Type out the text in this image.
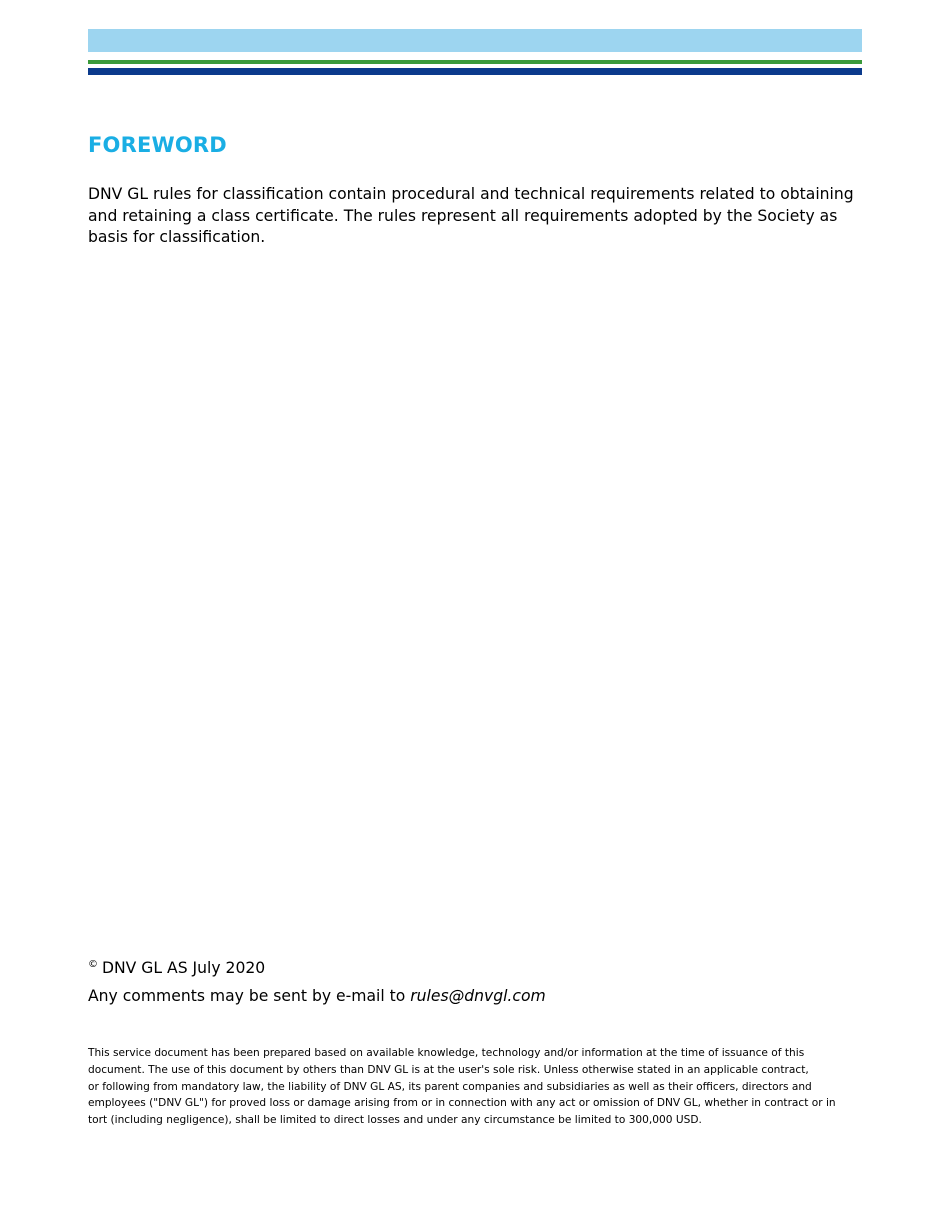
FOREWORD

DNV GL rules for classification contain procedural and technical requirements related to obtaining and retaining a class certificate. The rules represent all requirements adopted by the Society as basis for classification.

© DNV GL AS July 2020

Any comments may be sent by e-mail to rules@dnvgl.com

This service document has been prepared based on available knowledge, technology and/or information at the time of issuance of this
document. The use of this document by others than DNV GL is at the user's sole risk. Unless otherwise stated in an applicable contract,
or following from mandatory law, the liability of DNV GL AS, its parent companies and subsidiaries as well as their officers, directors and
employees ("DNV GL") for proved loss or damage arising from or in connection with any act or omission of DNV GL, whether in contract or in
tort (including negligence), shall be limited to direct losses and under any circumstance be limited to 300,000 USD.
